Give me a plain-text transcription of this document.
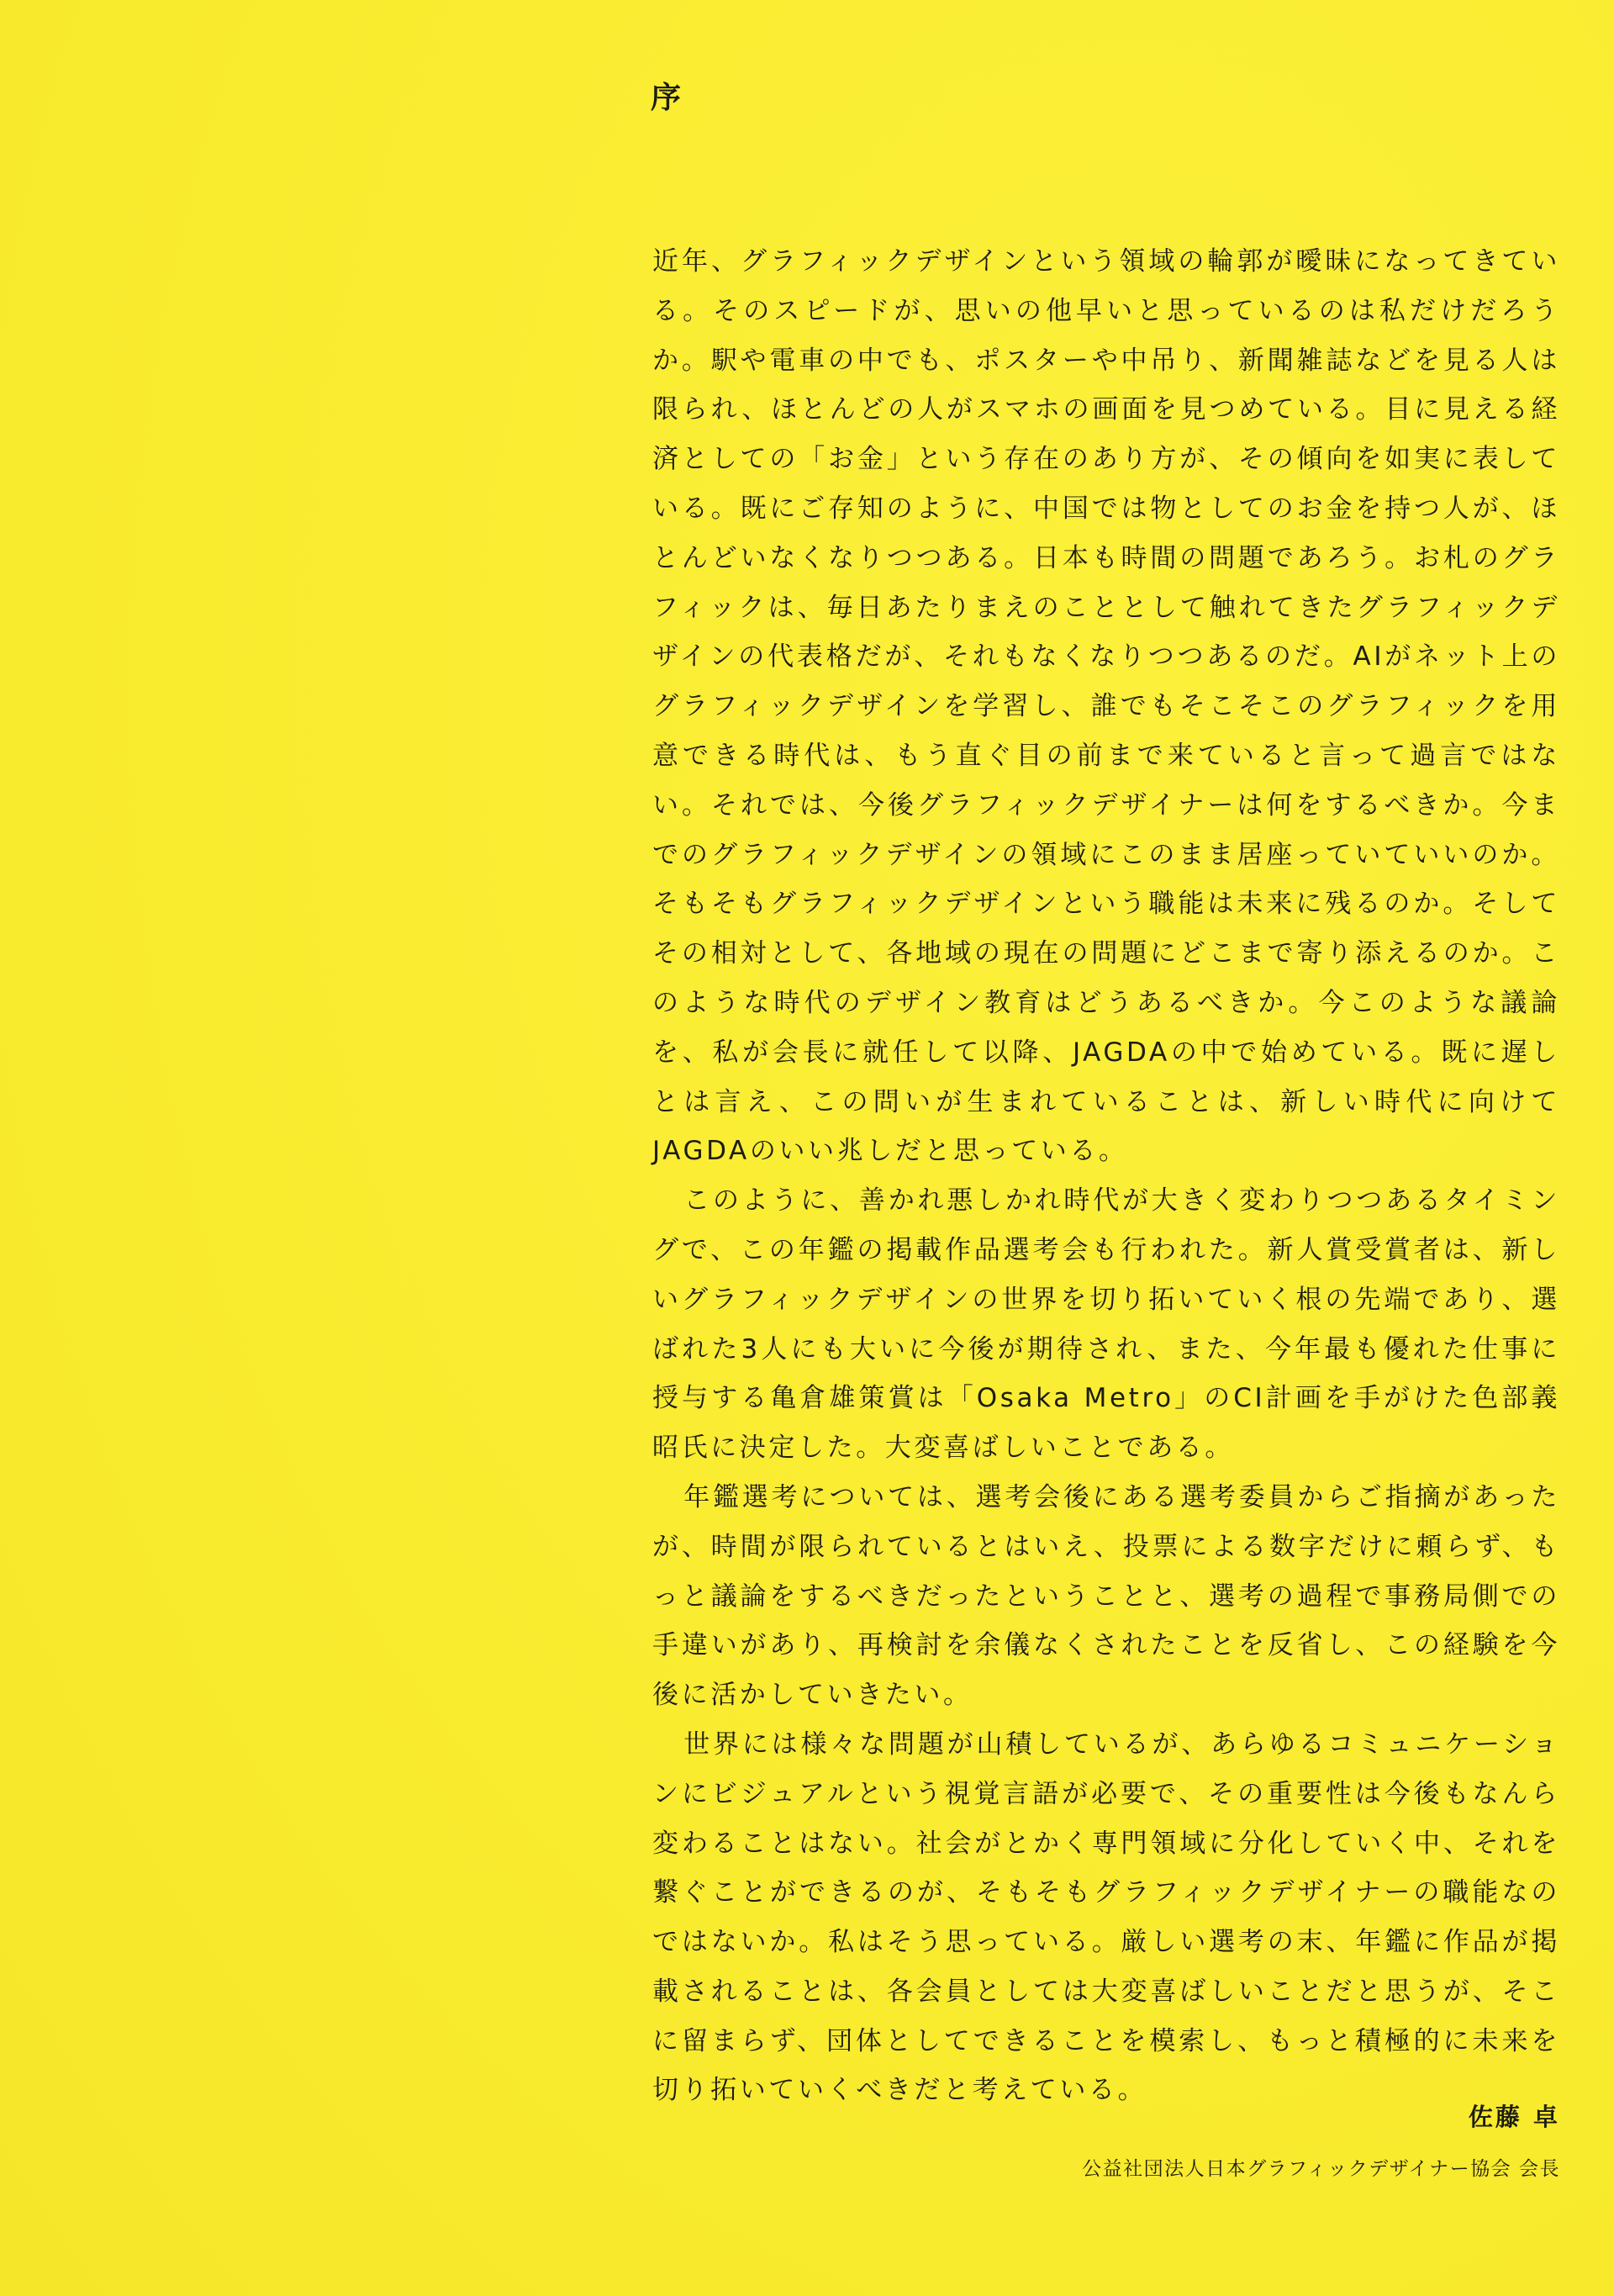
序

近年、グラフィックデザインという領域の輪郭が曖昧になってきている。そのスピードが、思いの他早いと思っているのは私だけだろうか。駅や電車の中でも、ポスターや中吊り、新聞雑誌などを見る人は限られ、ほとんどの人がスマホの画面を見つめている。目に見える経済としての「お金」という存在のあり方が、その傾向を如実に表している。既にご存知のように、中国では物としてのお金を持つ人が、ほとんどいなくなりつつある。日本も時間の問題であろう。お札のグラフィックは、毎日あたりまえのこととして触れてきたグラフィックデザインの代表格だが、それもなくなりつつあるのだ。AIがネット上のグラフィックデザインを学習し、誰でもそこそこのグラフィックを用意できる時代は、もう直ぐ目の前まで来ていると言って過言ではない。それでは、今後グラフィックデザイナーは何をするべきか。今までのグラフィックデザインの領域にこのまま居座っていていいのか。そもそもグラフィックデザインという職能は未来に残るのか。そしてその相対として、各地域の現在の問題にどこまで寄り添えるのか。このような時代のデザイン教育はどうあるべきか。今このような議論を、私が会長に就任して以降、JAGDAの中で始めている。既に遅しとは言え、この問いが生まれていることは、新しい時代に向けてJAGDAのいい兆しだと思っている。

このように、善かれ悪しかれ時代が大きく変わりつつあるタイミングで、この年鑑の掲載作品選考会も行われた。新人賞受賞者は、新しいグラフィックデザインの世界を切り拓いていく根の先端であり、選ばれた3人にも大いに今後が期待され、また、今年最も優れた仕事に授与する亀倉雄策賞は「Osaka Metro」のCI計画を手がけた色部義昭氏に決定した。大変喜ばしいことである。

年鑑選考については、選考会後にある選考委員からご指摘があったが、時間が限られているとはいえ、投票による数字だけに頼らず、もっと議論をするべきだったということと、選考の過程で事務局側での手違いがあり、再検討を余儀なくされたことを反省し、この経験を今後に活かしていきたい。

世界には様々な問題が山積しているが、あらゆるコミュニケーションにビジュアルという視覚言語が必要で、その重要性は今後もなんら変わることはない。社会がとかく専門領域に分化していく中、それを繋ぐことができるのが、そもそもグラフィックデザイナーの職能なのではないか。私はそう思っている。厳しい選考の末、年鑑に作品が掲載されることは、各会員としては大変喜ばしいことだと思うが、そこに留まらず、団体としてできることを模索し、もっと積極的に未来を切り拓いていくべきだと考えている。

佐藤 卓

公益社団法人日本グラフィックデザイナー協会 会長
